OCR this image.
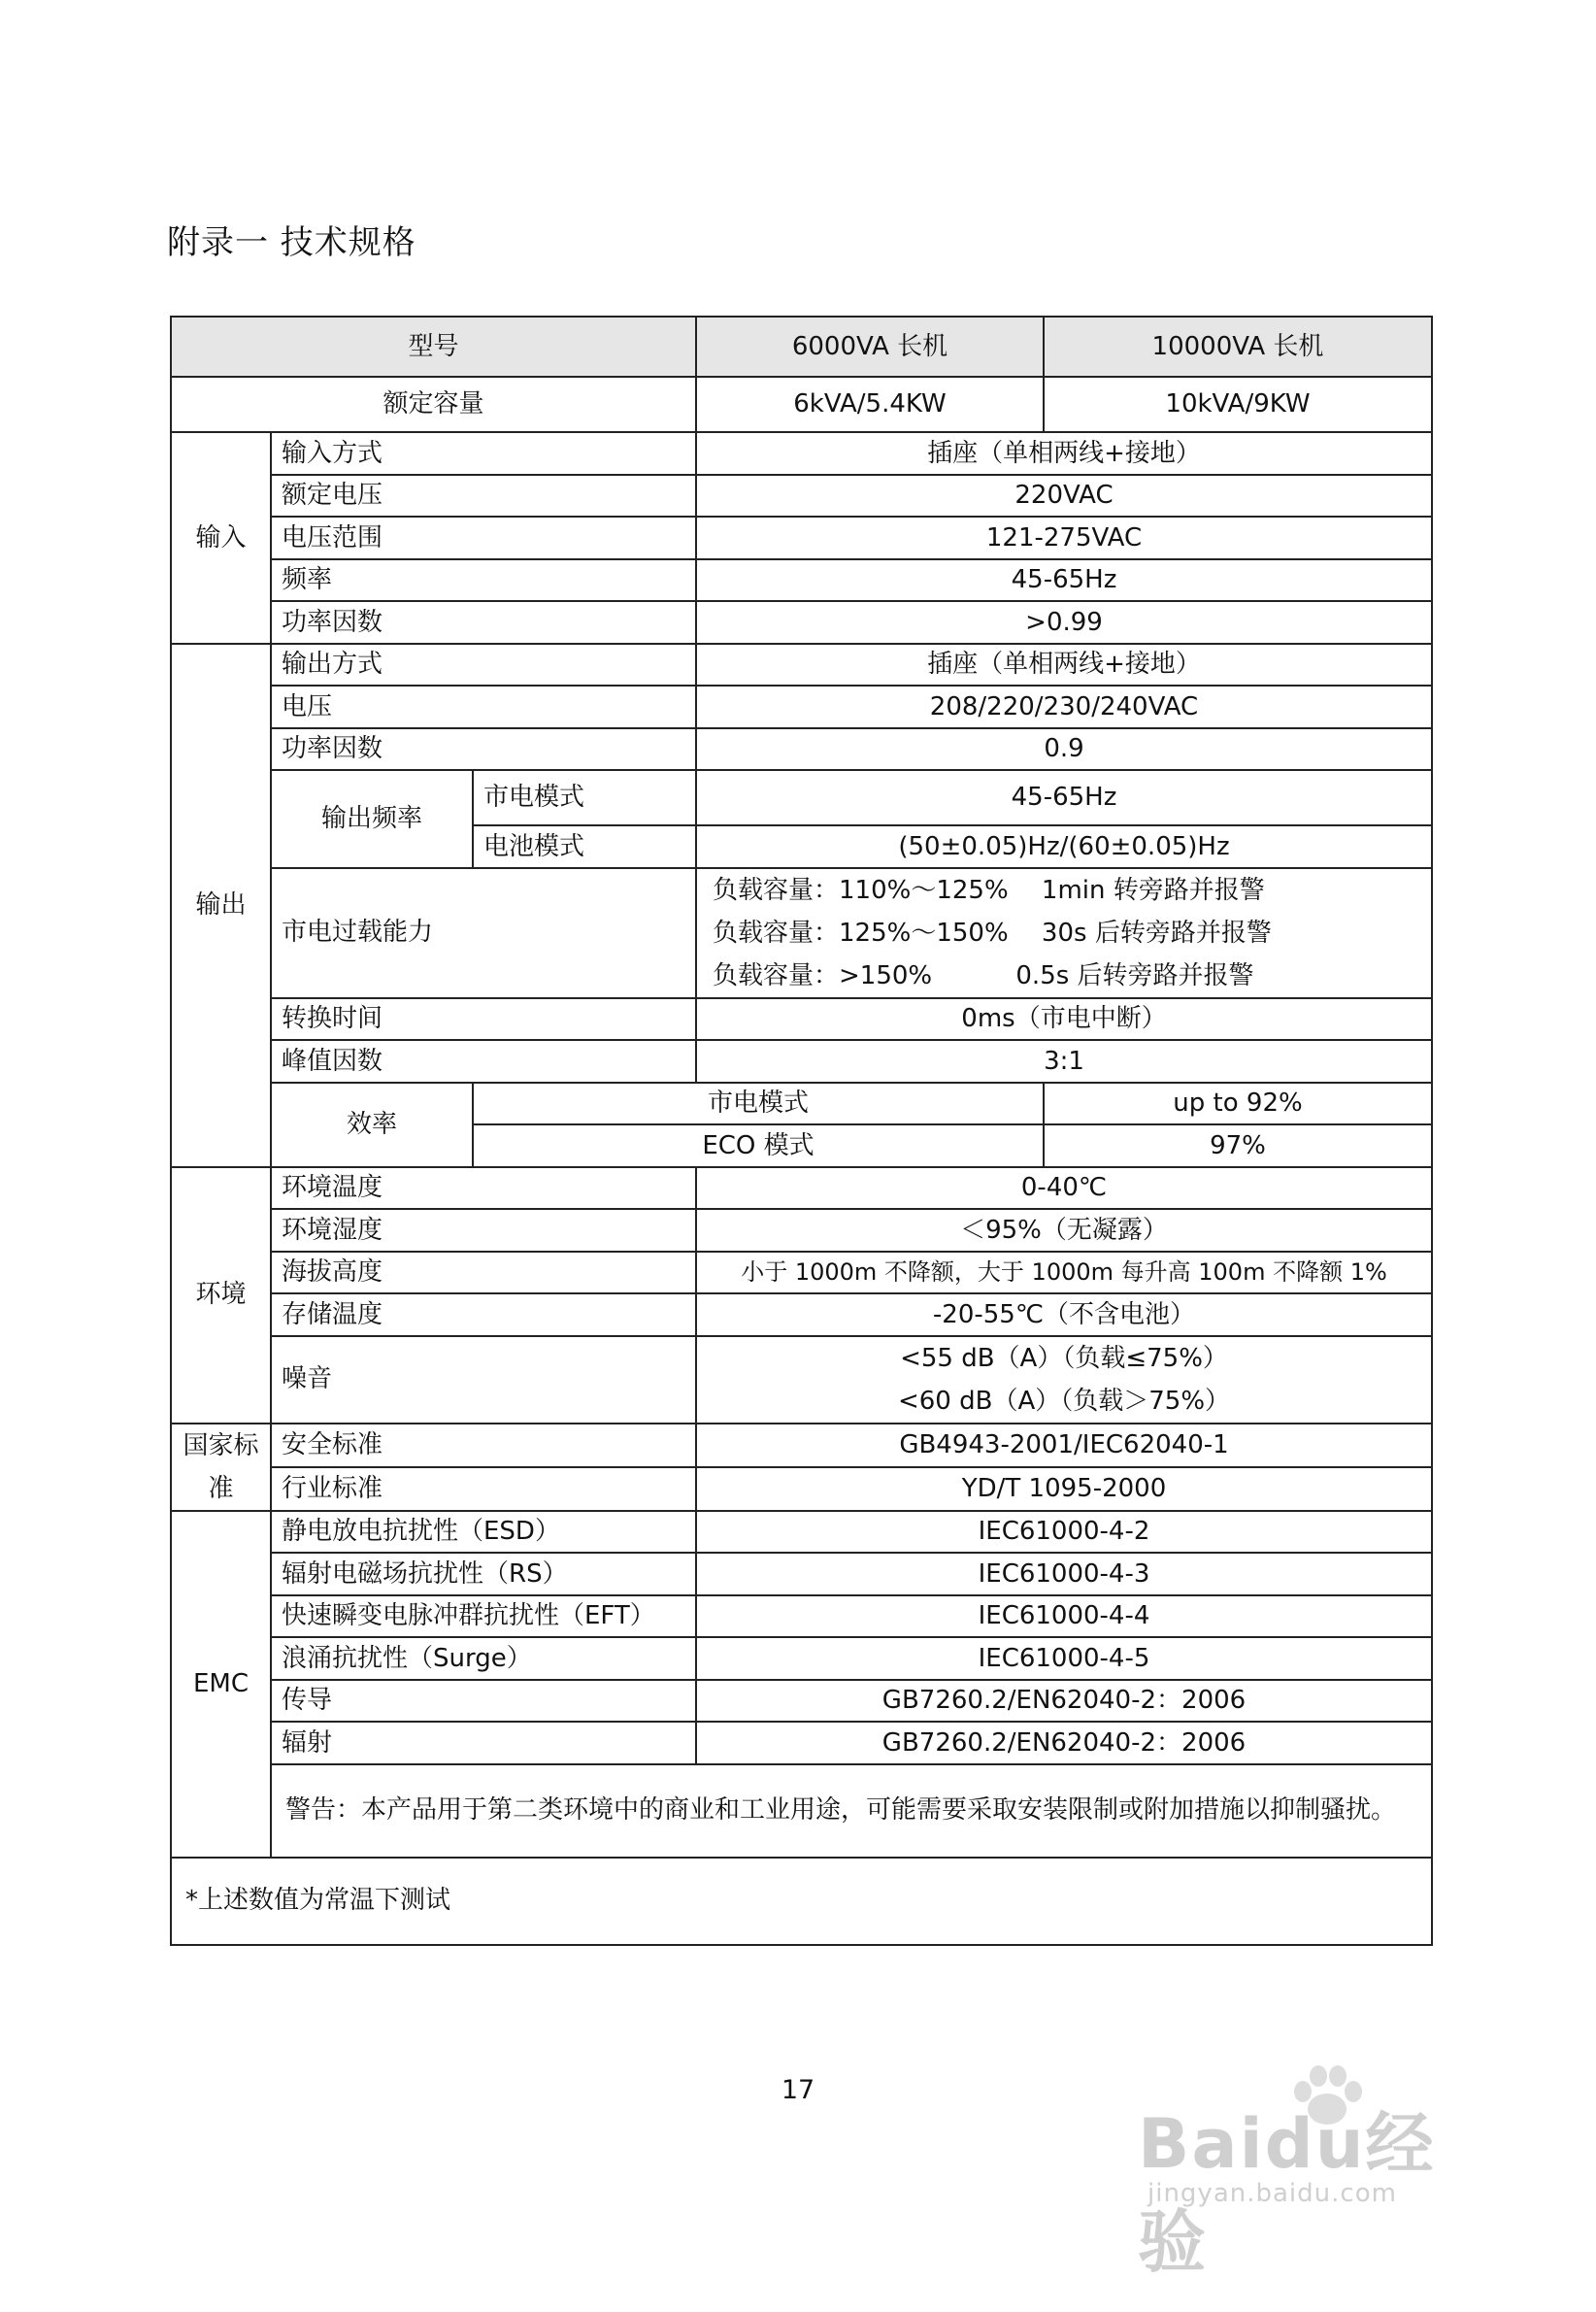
附录一 技术规格
型号			6000VA 长机	10000VA 长机
额定容量			6kVA/5.4KW	10kVA/9KW
输入	输入方式		插座（单相两线+接地）	
	额定电压		220VAC	
	电压范围		121-275VAC	
	频率		45-65Hz	
	功率因数		>0.99	
输出	输出方式		插座（单相两线+接地）	
	电压		208/220/230/240VAC	
	功率因数		0.9	
	输出频率	市电模式	45-65Hz	
		电池模式	(50±0.05)Hz/(60±0.05)Hz	
	市电过载能力		负载容量：110%～125%　 1min 转旁路并报警
负载容量：125%～150%　 30s 后转旁路并报警
负载容量：>150%　　　 0.5s 后转旁路并报警	

	转换时间		0ms（市电中断）	
	峰值因数		3:1	
	效率	市电模式		up to 92%
		ECO 模式		97%
环境	环境温度		0-40℃	
	环境湿度		＜95%（无凝露）	
	海拔高度		小于 1000m 不降额，大于 1000m 每升高 100m 不降额 1%	
	存储温度		-20-55℃（不含电池）	
	噪音		<55 dB（A）（负载≤75%）
<60 dB（A）（负载＞75%）	

国家标准	安全标准		GB4943-2001/IEC62040-1	
	行业标准		YD/T 1095-2000	
EMC	静电放电抗扰性（ESD）		IEC61000-4-2	
	辐射电磁场抗扰性（RS）		IEC61000-4-3	
	快速瞬变电脉冲群抗扰性（EFT）		IEC61000-4-4	
	浪涌抗扰性（Surge）		IEC61000-4-5	
	传导		GB7260.2/EN62040-2：2006	
	辐射		GB7260.2/EN62040-2：2006	
	警告：本产品用于第二类环境中的商业和工业用途，可能需要采取安装限制或附加措施以抑制骚扰。			
*上述数值为常温下测试				
17
Baidu经验
jingyan.baidu.com
